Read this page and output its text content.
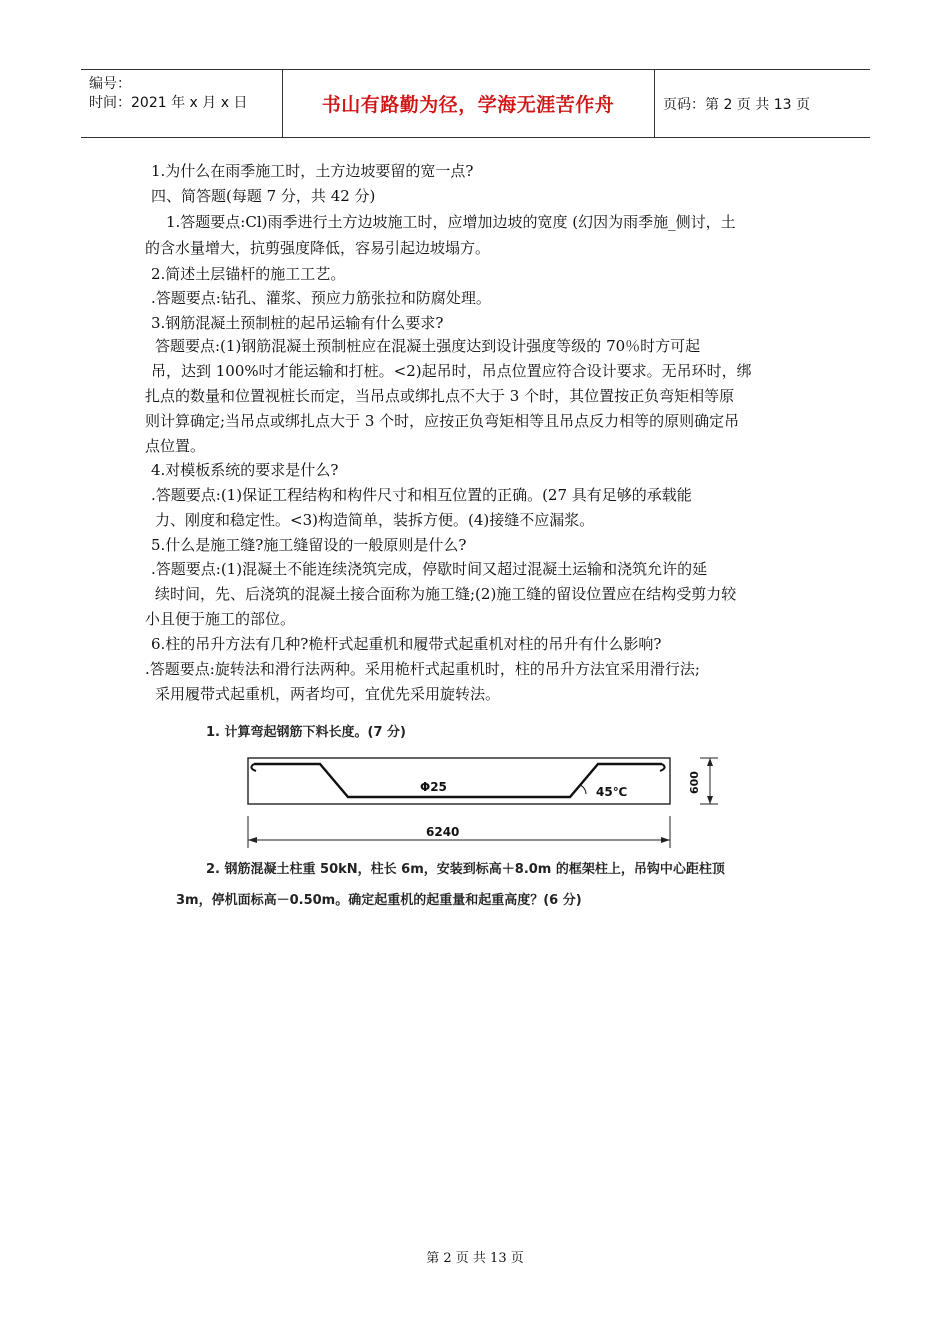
编号：
时间：2021 年 x 月 x 日	书山有路勤为径，学海无涯苦作舟	页码：第 2 页 共 13 页
1.为什么在雨季施工时，土方边坡要留的宽一点?
四、简答题(每题 7 分，共 42 分)
1.答题要点:Cl)雨季进行土方边坡施工时，应增加边坡的宽度 (幻因为雨季施_侧讨，土
的含水量增大，抗剪强度降低，容易引起边坡塌方。
2.简述土层锚杆的施工工艺。
.答题要点:钻孔、灌浆、预应力筋张拉和防腐处理。
3.钢筋混凝土预制桩的起吊运输有什么要求?
答题要点:(1)钢筋混凝土预制桩应在混凝土强度达到设计强度等级的 70％时方可起
吊，达到 100%吋才能运输和打桩。<2)起吊时，吊点位置应符合设计要求。无吊环时，绑
扎点的数量和位置视桩长而定，当吊点或绑扎点不大于 3 个时，其位置按正负弯矩相等原
则计算确定;当吊点或绑扎点大于 3 个时，应按正负弯矩相等且吊点反力相等的原则确定吊
点位置。
4.对模板系统的要求是什么?
.答题要点:(1)保证工程结构和构件尺寸和相互位置的正确。(27 具有足够的承载能
力、刚度和稳定性。<3)构造简单，装拆方便。(4)接缝不应漏浆。
5.什么是施工缝?施工缝留设的一般原则是什么?
.答题要点:(1)混凝土不能连续浇筑完成，停歇时间又超过混凝土运输和浇筑允许的延
续时间，先、后浇筑的混凝土接合面称为施工缝;(2)施工缝的留设位置应在结构受剪力较
小且便于施工的部位。
6.柱的吊升方法有几种?桅杆式起重机和履带式起重机对柱的吊升有什么影响?
.答题要点:旋转法和滑行法两种。采用桅杆式起重机时，柱的吊升方法宜采用滑行法;
采用履带式起重机，两者均可，宜优先采用旋转法。
1. 计算弯起钢筋下料长度。(7 分)
Φ25	45℃	600
6240
2. 钢筋混凝土柱重 50kN，柱长 6m，安装到标高＋8.0m 的框架柱上，吊钩中心距柱顶
3m，停机面标高－0.50m。确定起重机的起重量和起重高度？(6 分)
第 2 页 共 13 页
